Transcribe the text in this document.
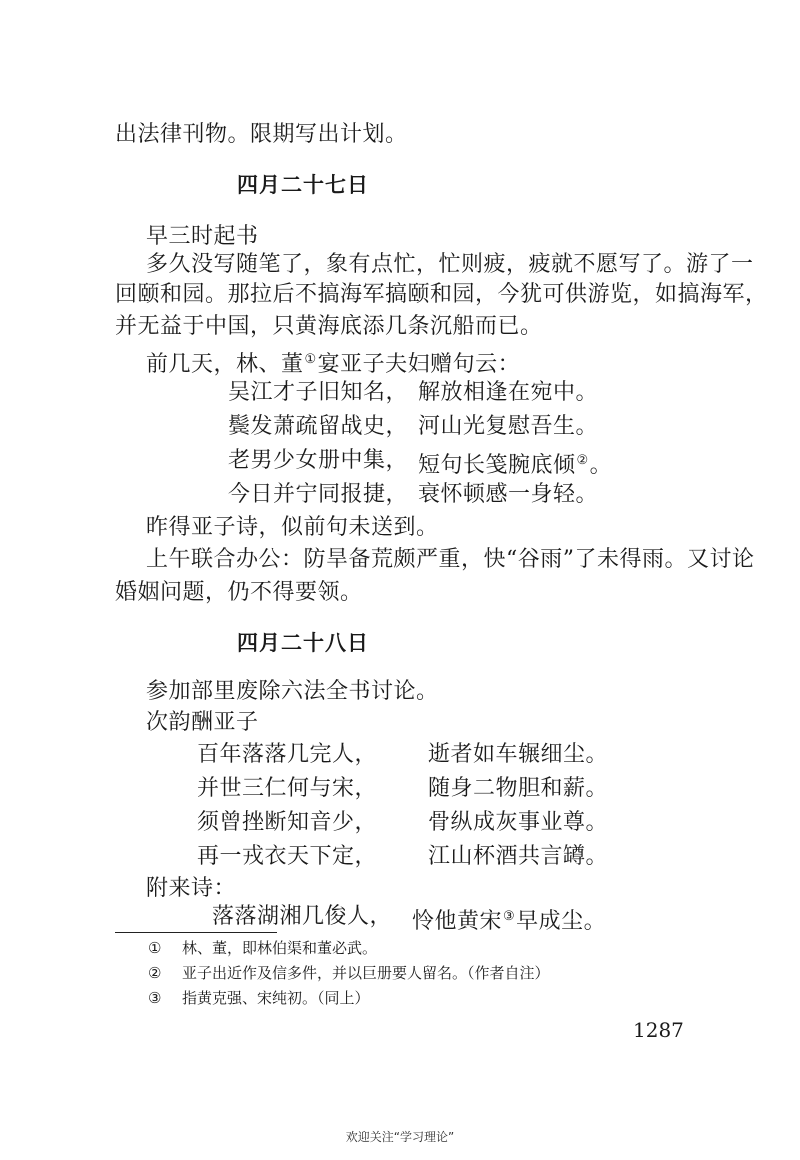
出法律刊物。限期写出计划。
四月二十七日
早三时起书
多久没写随笔了，象有点忙，忙则疲，疲就不愿写了。游了一
回颐和园。那拉后不搞海军搞颐和园，今犹可供游览，如搞海军，
并无益于中国，只黄海底添几条沉船而已。
前几天，林、董①宴亚子夫妇赠句云：
吴江才子旧知名， 解放相逢在宛中。
鬓发萧疏留战史， 河山光复慰吾生。
老男少女册中集， 短句长笺腕底倾②。
今日并宁同报捷， 衰怀顿感一身轻。
昨得亚子诗，似前句未送到。
上午联合办公：防旱备荒颇严重，快“谷雨”了未得雨。又讨论
婚姻问题，仍不得要领。
四月二十八日
参加部里废除六法全书讨论。
次韵酬亚子
百年落落几完人， 逝者如车辗细尘。
并世三仁何与宋， 随身二物胆和薪。
须曾挫断知音少， 骨纵成灰事业尊。
再一戎衣天下定， 江山杯酒共言罇。
附来诗：
落落湖湘几俊人， 怜他黄宋③早成尘。
① 林、董，即林伯渠和董必武。
② 亚子出近作及信多件，并以巨册要人留名。（作者自注）
③ 指黄克强、宋纯初。（同上）
1287
欢迎关注“学习理论”
